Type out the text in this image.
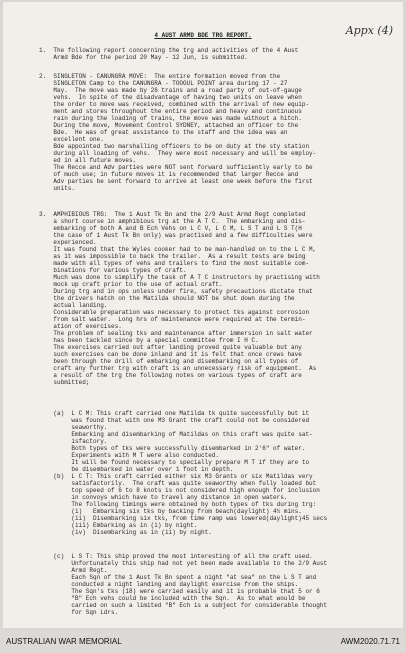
Appx (4)
4 AUST ARMD BDE TRG REPORT.
1.  The following report concerning the trg and activities of the 4 Aust
Armd Bde for the period 20 May - 12 Jun, is submitted.
2.  SINGLETON - CANUNGRA MOVE:  The entire formation moved from the
SINGLETON Camp to the CANUNGRA - TOOGUL POINT area during 17 - 27
May.  The move was made by 26 trains and a road party of out-of-gauge
vehs.  In spite of the disadvantage of having two units on leave when
the order to move was received, combined with the arrival of new equip-
ment and stores throughout the entire period and heavy and continuous
rain during the loading of trains, the move was made without a hitch.
During the move, Movement Control SYDNEY, attached an officer to the
Bde.  He was of great assistance to the staff and the idea was an
excellent one.
Bde appointed two marshalling officers to be on duty at the sty station
during all loading of vehs.  They were most necessary and will be employ-
ed in all future moves.
The Recce and Adv parties were NOT sent forward sufficiently early to be
of much use; in future moves it is recommended that larger Recce and
Adv parties be sent forward to arrive at least one week before the first
units.
3.  AMPHIBIOUS TRG:  The 1 Aust Tk Bn and the 2/9 Aust Armd Regt completed
a short course in amphibious trg at the A T C.  The embarking and dis-
embarking of both A and B Ech Vehs on L C V, L C M, L S T and L S T(H
the case of 1 Aust Tk Bn only) was practised and a few difficulties were
experienced.
It was found that the Wyles cooker had to be man-handled on to the L C M,
as it was impossible to back the trailer.  As a result tests are being
made with all types of vehs and trailers to find the most suitable com-
binations for various types of craft.
Much was done to simplify the task of A T C instructors by practising with
mock up craft prior to the use of actual craft.
During trg and in ops unless under fire, safety precautions dictate that
the drivers hatch on the Matilda should NOT be shut down during the
actual landing.
Considerable preparation was necessary to protect tks against corrosion
from salt water.  Long hrs of maintenance were required at the termin-
ation of exercises.
The problem of sealing tks and maintenance after immersion in salt water
has been tackled since by a special committee from I H C.
The exercises carried out after landing proved quite valuable but any
such exercises can be done inland and it is felt that once crews have
been through the drill of embarking and disembarking on all types of
craft any further trg with craft is an unnecessary risk of equipment.  As
a result of the trg the following notes on various types of craft are
submitted;
(a)  L C M: This craft carried one Matilda tk quite successfully but it
was found that with one M3 Grant the craft could not be considered
seaworthy.
Embarking and disembarking of Matildas on this craft was quite sat-
isfactory.
Both types of tks were successfully disembarked in 2'6" of water.
Experiments with M T were also conducted.
It will be found necessary to specially prepare M T if they are to
be disembarked in water over 1 foot in depth.
(b)  L C T: This craft carried either six M3 Grants or six Matildas very
satisfactorily.  The craft was quite seaworthy when fully loaded but
top speed of 6 to 8 knots is not considered high enough for inclusion
in convoys which have to travel any distance in open waters.
The following timings were obtained by both types of tks during trg:
(i)   Embarking six tks by backing from beach(daylight) 4½ mins.
(ii)  Disembarking six tks, from time ramp was lowered(daylight)45 secs
(iii) Embarking as in (i) by night.
(iv)  Disembarking as in (ii) by night.
(c)  L S T: This ship proved the most interesting of all the craft used.
Unfortunately this ship had not yet been made available to the 2/9 Aust
Armd Regt.
Each Sqn of the 1 Aust Tk Bn spent a night "at sea" on the L S T and
conducted a night landing and daylight exercise from the ships.
The Sqn's tks (18) were carried easily and it is probable that 5 or 6
"B" Ech vehs could be included with the Sqn.  As to what would be
carried on such a limited "B" Ech is a subject for considerable thought
for Sqn Ldrs.
AUSTRALIAN WAR MEMORIAL	AWM2020.71.71
